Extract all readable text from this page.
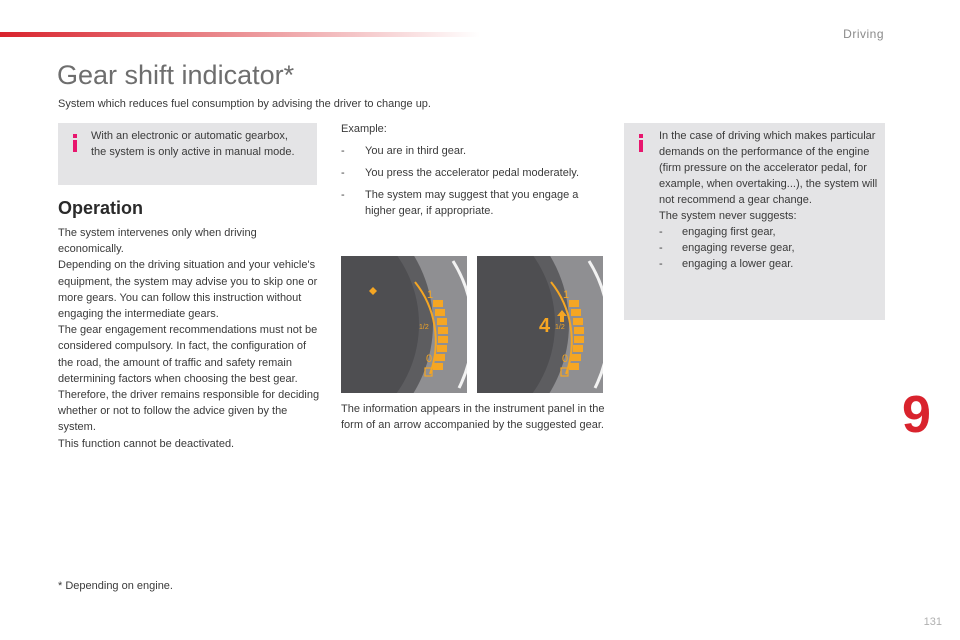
Driving
Gear shift indicator*
System which reduces fuel consumption by advising the driver to change up.
With an electronic or automatic gearbox, the system is only active in manual mode.
Operation

The system intervenes only when driving economically.

Depending on the driving situation and your vehicle's equipment, the system may advise you to skip one or more gears. You can follow this instruction without engaging the intermediate gears.

The gear engagement recommendations must not be considered compulsory. In fact, the configuration of the road, the amount of traffic and safety remain determining factors when choosing the best gear. Therefore, the driver remains responsible for deciding whether or not to follow the advice given by the system.

This function cannot be deactivated.

Example:
- You are in third gear.
- You press the accelerator pedal moderately.
- The system may suggest that you engage a higher gear, if appropriate.
1
1/2
0
1
1/2
0
4
The information appears in the instrument panel in the form of an arrow accompanied by the suggested gear.
In the case of driving which makes particular demands on the performance of the engine (firm pressure on the accelerator pedal, for example, when overtaking...), the system will not recommend a gear change.
The system never suggests:
- engaging first gear,
- engaging reverse gear,
- engaging a lower gear.
* Depending on engine.
9
131
